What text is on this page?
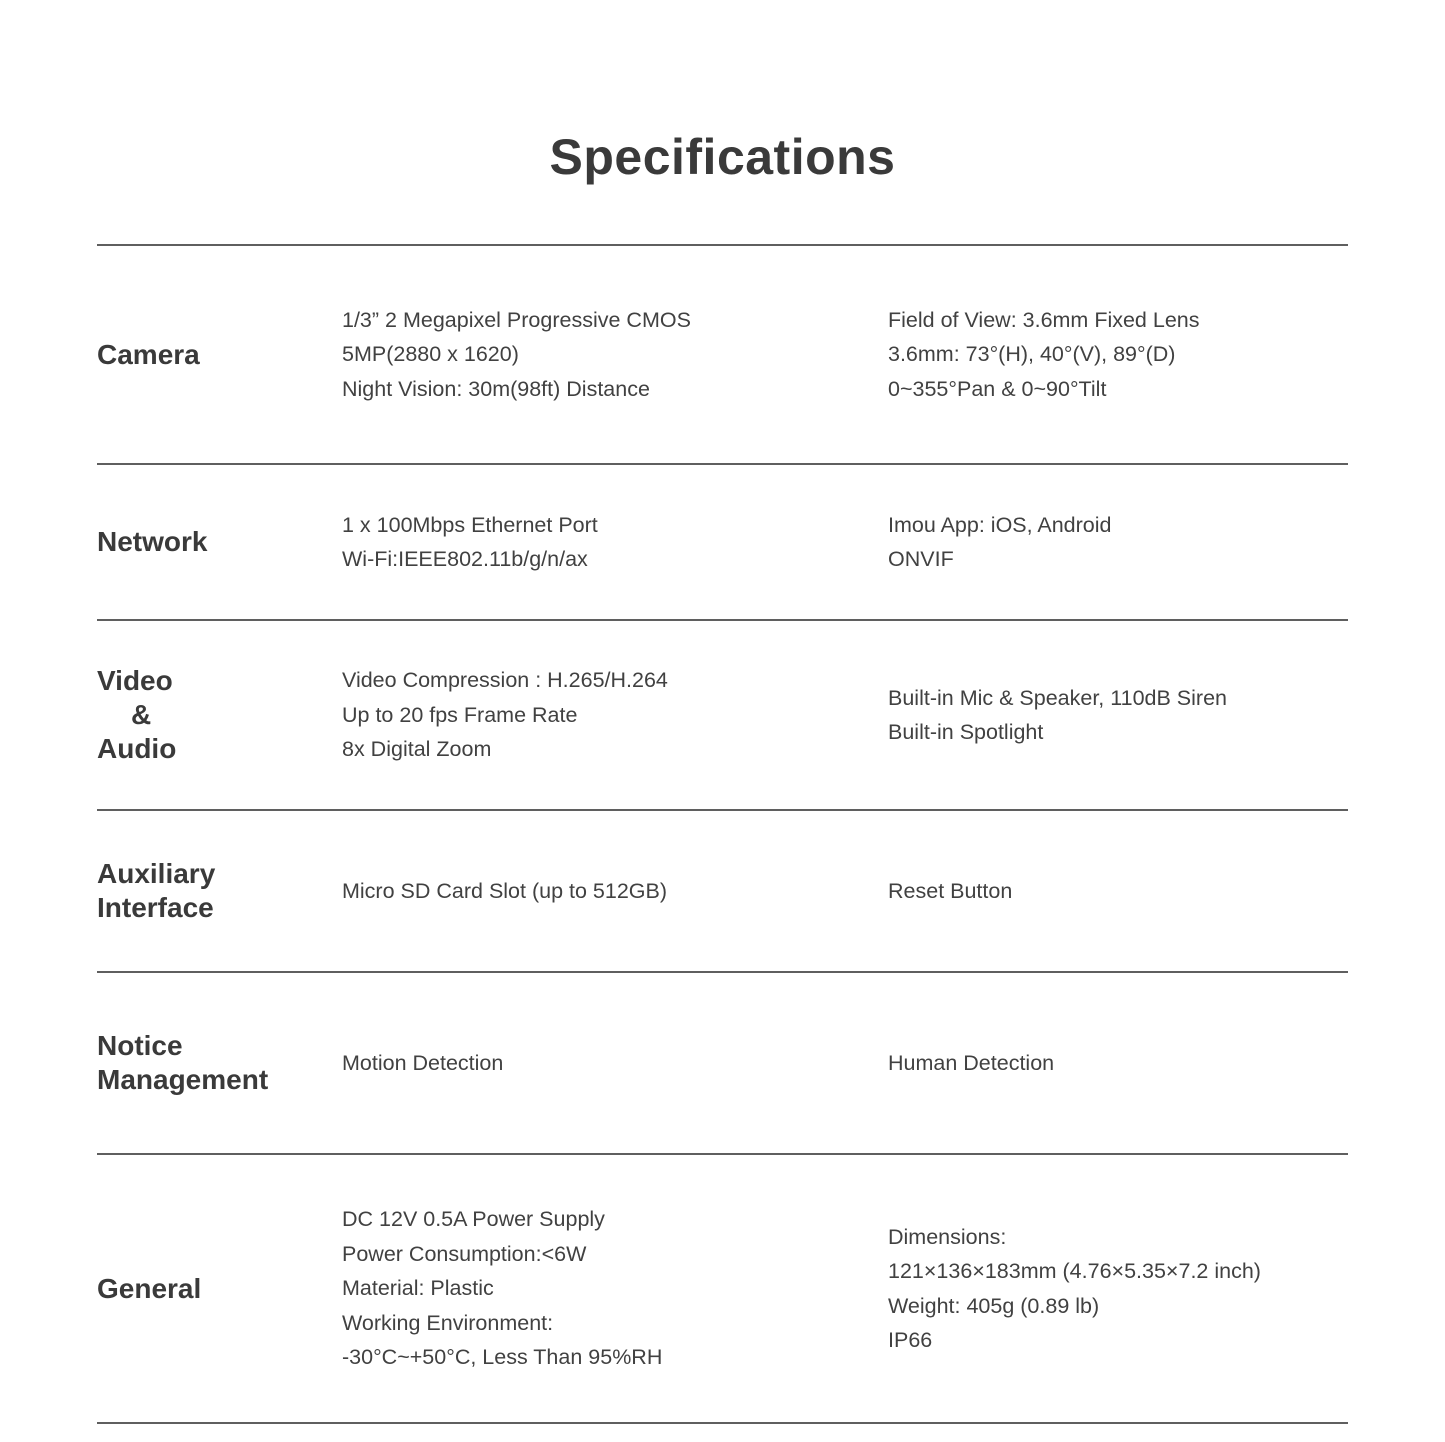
Specifications
Camera
1/3” 2 Megapixel Progressive CMOS
5MP(2880 x 1620)
Night Vision: 30m(98ft) Distance
Field of View: 3.6mm Fixed Lens
3.6mm: 73°(H), 40°(V), 89°(D)
0~355°Pan & 0~90°Tilt
Network
1 x 100Mbps Ethernet Port
Wi-Fi:IEEE802.11b/g/n/ax
Imou App: iOS, Android
ONVIF
Video
&
Audio
Video Compression : H.265/H.264
Up to 20 fps Frame Rate
8x Digital Zoom
Built-in Mic & Speaker, 110dB Siren
Built-in Spotlight
Auxiliary
Interface
Micro SD Card Slot (up to 512GB)	Reset Button
Notice
Management
Motion Detection	Human Detection
General
DC 12V 0.5A Power Supply
Power Consumption:<6W
Material: Plastic
Working Environment:
-30°C~+50°C, Less Than 95%RH
Dimensions:
121×136×183mm (4.76×5.35×7.2 inch)
Weight: 405g (0.89 lb)
IP66
